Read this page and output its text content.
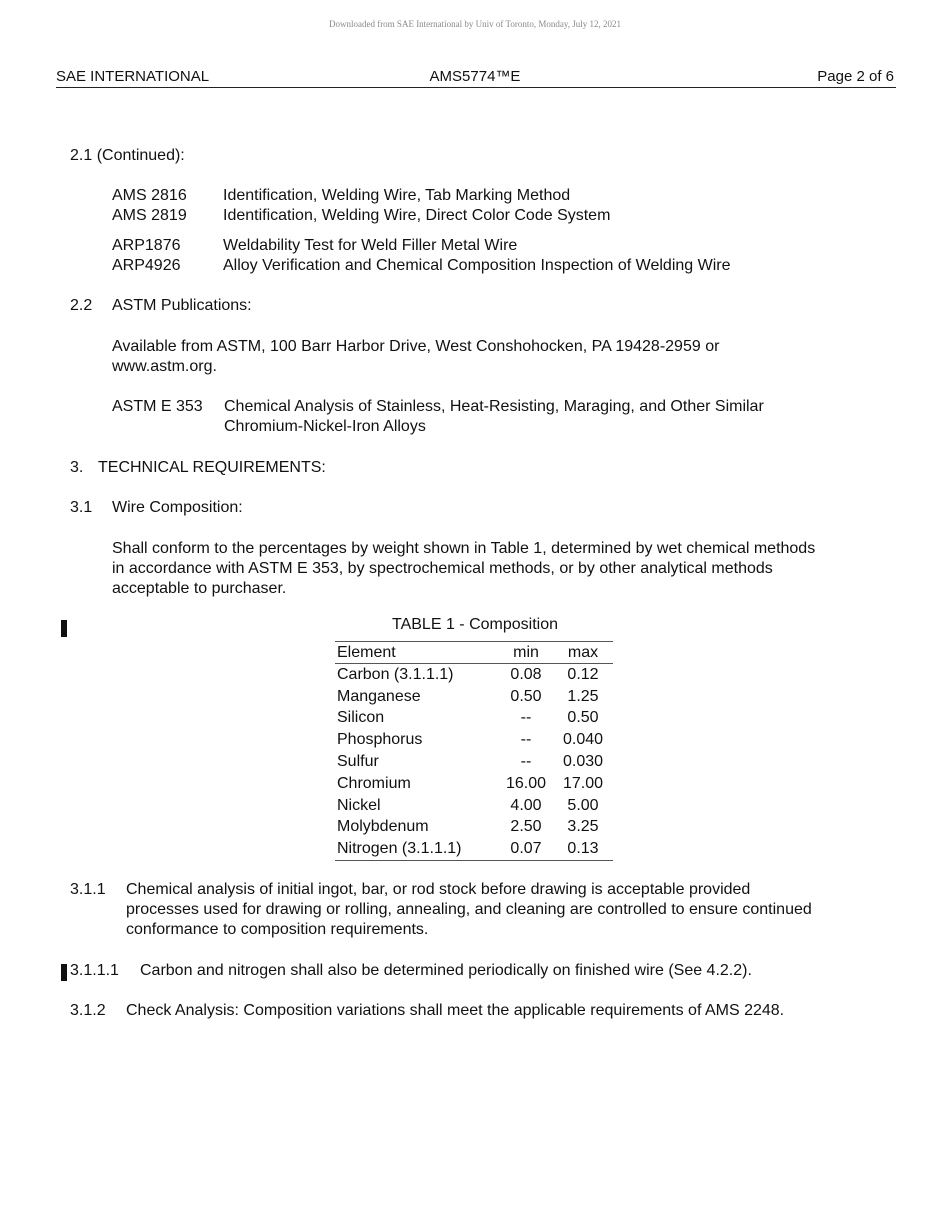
Downloaded from SAE International by Univ of Toronto, Monday, July 12, 2021
SAE INTERNATIONAL	AMS5774™E	Page 2 of 6
2.1 (Continued):
AMS 2816 Identification, Welding Wire, Tab Marking Method
AMS 2819 Identification, Welding Wire, Direct Color Code System
ARP1876	Weldability Test for Weld Filler Metal Wire
ARP4926	Alloy Verification and Chemical Composition Inspection of Welding Wire
2.2 ASTM Publications:
Available from ASTM, 100 Barr Harbor Drive, West Conshohocken, PA 19428-2959 or
www.astm.org.
ASTM E 353 Chemical Analysis of Stainless, Heat-Resisting, Maraging, and Other Similar
Chromium-Nickel-Iron Alloys
3. TECHNICAL REQUIREMENTS:
3.1 Wire Composition:
Shall conform to the percentages by weight shown in Table 1, determined by wet chemical methods
in accordance with ASTM E 353, by spectrochemical methods, or by other analytical methods
acceptable to purchaser.
TABLE 1 - Composition
Element	min	max
Carbon (3.1.1.1)	0.08	0.12
Manganese	0.50	1.25
Silicon	--	0.50
Phosphorus	--	0.040
Sulfur	--	0.030
Chromium	16.00	17.00
Nickel	4.00	5.00
Molybdenum	2.50	3.25
Nitrogen (3.1.1.1)	0.07	0.13
3.1.1 Chemical analysis of initial ingot, bar, or rod stock before drawing is acceptable provided
processes used for drawing or rolling, annealing, and cleaning are controlled to ensure continued
conformance to composition requirements.
3.1.1.1 Carbon and nitrogen shall also be determined periodically on finished wire (See 4.2.2).
3.1.2 Check Analysis: Composition variations shall meet the applicable requirements of AMS 2248.
